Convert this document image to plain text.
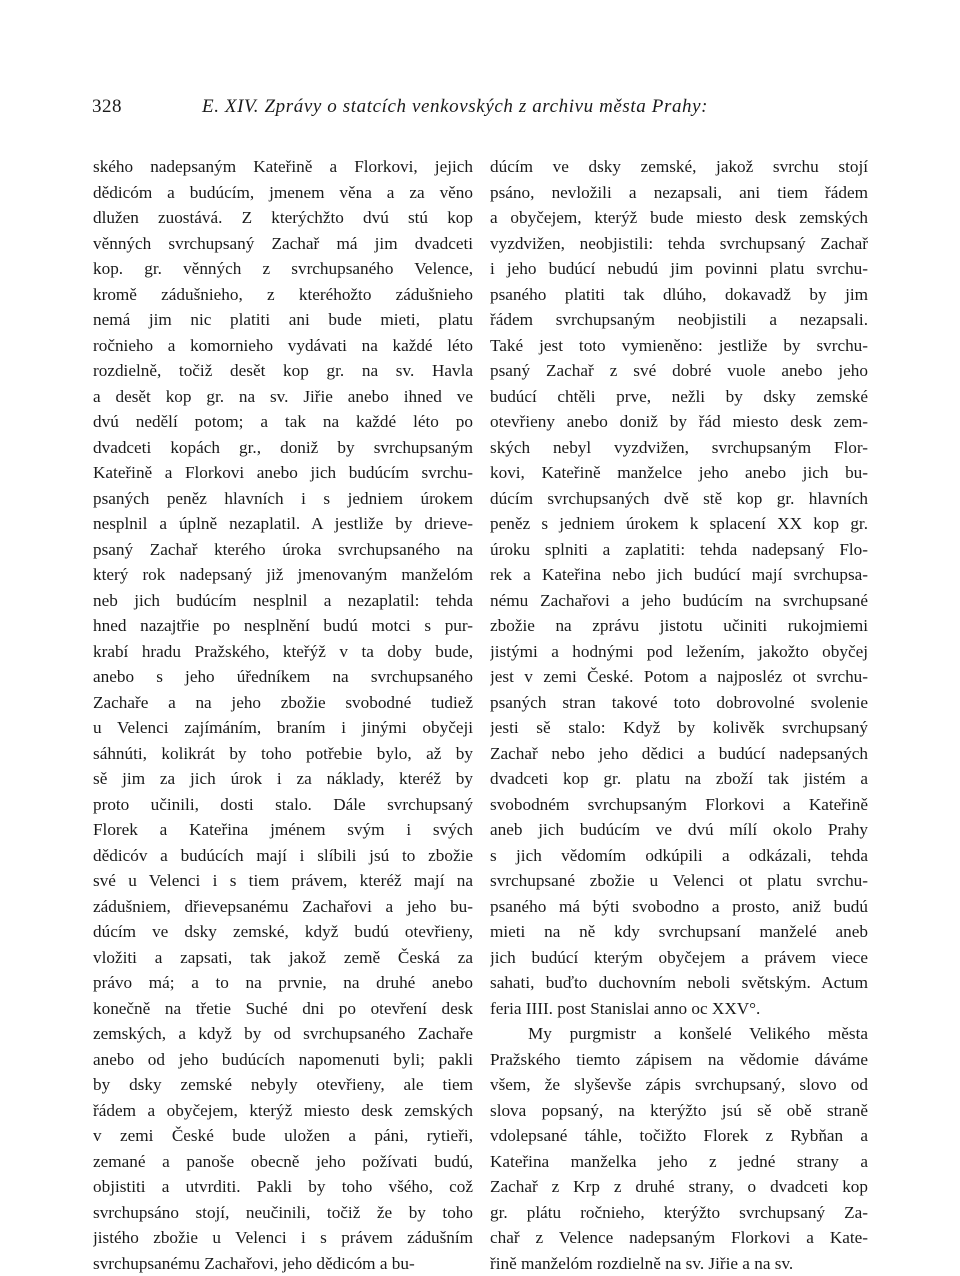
328	E. XIV. Zprávy o statcích venkovských z archivu města Prahy:
ského nadepsaným Kateřině a Florkovi, jejich
dědicóm a budúcím, jmenem věna a za věno
dlužen zuostává. Z kterýchžto dvú stú kop
věnných svrchupsaný Zachař má jim dvadceti
kop. gr. věnných z svrchupsaného Velence,
kromě zádušnieho, z kteréhožto zádušnieho
nemá jim nic platiti ani bude mieti, platu
ročnieho a komornieho vydávati na každé léto
rozdielně, točiž desět kop gr. na sv. Havla
a desět kop gr. na sv. Jiřie anebo ihned ve
dvú nedělí potom; a tak na každé léto po
dvadceti kopách gr., doniž by svrchupsaným
Kateřině a Florkovi anebo jich budúcím svrchu-
psaných peněz hlavních i s jedniem úrokem
nesplnil a úplně nezaplatil. A jestliže by drieve-
psaný Zachař kterého úroka svrchupsaného na
který rok nadepsaný již jmenovaným manželóm
neb jich budúcím nesplnil a nezaplatil: tehda
hned nazajtřie po nesplnění budú motci s pur-
krabí hradu Pražského, kteřýž v ta doby bude,
anebo s jeho úředníkem na svrchupsaného
Zachaře a na jeho zbožie svobodné tudiež
u Velenci zajímáním, braním i jinými obyčeji
sáhnúti, kolikrát by toho potřebie bylo, až by
sě jim za jich úrok i za náklady, kteréž by
proto učinili, dosti stalo. Dále svrchupsaný
Florek a Kateřina jménem svým i svých
dědicóv a budúcích mají i slíbili jsú to zbožie
své u Velenci i s tiem právem, kteréž mají na
zádušniem, dřievepsanému Zachařovi a jeho bu-
dúcím ve dsky zemské, když budú otevřieny,
vložiti a zapsati, tak jakož země Česká za
právo má; a to na prvnie, na druhé anebo
konečně na třetie Suché dni po otevření desk
zemských, a když by od svrchupsaného Zachaře
anebo od jeho budúcích napomenuti byli; pakli
by dsky zemské nebyly otevřieny, ale tiem
řádem a obyčejem, kterýž miesto desk zemských
v zemi České bude uložen a páni, rytieři,
zemané a panoše obecně jeho požívati budú,
objistiti a utvrditi. Pakli by toho všého, což
svrchupsáno stojí, neučinili, točiž že by toho
jistého zbožie u Velenci i s právem zádušním
svrchupsanému Zachařovi, jeho dědicóm a bu-
dúcím ve dsky zemské, jakož svrchu stojí
psáno, nevložili a nezapsali, ani tiem řádem
a obyčejem, kterýž bude miesto desk zemských
vyzdvižen, neobjistili: tehda svrchupsaný Zachař
i jeho budúcí nebudú jim povinni platu svrchu-
psaného platiti tak dlúho, dokavadž by jim
řádem svrchupsaným neobjistili a nezapsali.
Také jest toto vymieněno: jestliže by svrchu-
psaný Zachař z své dobré vuole anebo jeho
budúcí chtěli prve, nežli by dsky zemské
otevřieny anebo doniž by řád miesto desk zem-
ských nebyl vyzdvižen, svrchupsaným Flor-
kovi, Kateřině manželce jeho anebo jich bu-
dúcím svrchupsaných dvě stě kop gr. hlavních
peněz s jedniem úrokem k splacení XX kop gr.
úroku splniti a zaplatiti: tehda nadepsaný Flo-
rek a Kateřina nebo jich budúcí mají svrchupsa-
nému Zachařovi a jeho budúcím na svrchupsané
zbožie na zprávu jistotu učiniti rukojmiemi
jistými a hodnými pod ležením, jakožto obyčej
jest v zemi České. Potom a najposléz ot svrchu-
psaných stran takové toto dobrovolné svolenie
jesti sě stalo: Když by kolivěk svrchupsaný
Zachař nebo jeho dědici a budúcí nadepsaných
dvadceti kop gr. platu na zboží tak jistém a
svobodném svrchupsaným Florkovi a Kateřině
aneb jich budúcím ve dvú mílí okolo Prahy
s jich vědomím odkúpili a odkázali, tehda
svrchupsané zbožie u Velenci ot platu svrchu-
psaného má býti svobodno a prosto, aniž budú
mieti na ně kdy svrchupsaní manželé aneb
jich budúcí kterým obyčejem a právem viece
sahati, buďto duchovním neboli světským. Actum
feria IIII. post Stanislai anno oc XXV°.
My purgmistr a konšelé Velikého města
Pražského tiemto zápisem na vědomie dáváme
všem, že slyševše zápis svrchupsaný, slovo od
slova popsaný, na kterýžto jsú sě obě straně
vdolepsané táhle, točižto Florek z Rybňan a
Kateřina manželka jeho z jedné strany a
Zachař z Krp z druhé strany, o dvadceti kop
gr. plátu ročnieho, kterýžto svrchupsaný Za-
chař z Velence nadepsaným Florkovi a Kate-
řině manželóm rozdielně na sv. Jiřie a na sv.
